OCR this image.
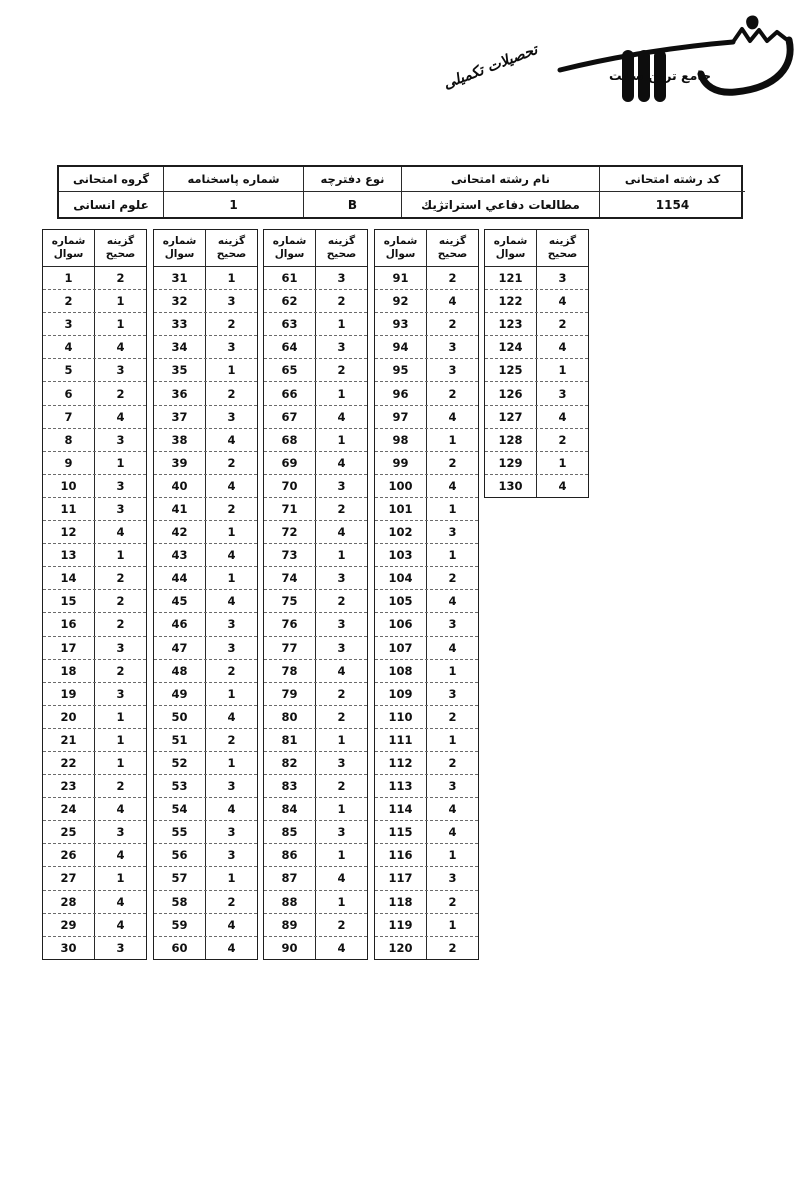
جامع ترین سایت
تحصیلات تکمیلی
گروه امتحانی	شماره پاسخنامه	نوع دفترچه	نام رشته امتحانی	کد رشته امتحانی
علوم انسانی	1	B	مطالعات دفاعي استراتژيك	1154
شماره
سوال
گزینه
صحیح
1	2
2	1
3	1
4	4
5	3
6	2
7	4
8	3
9	1
10	3
11	3
12	4
13	1
14	2
15	2
16	2
17	3
18	2
19	3
20	1
21	1
22	1
23	2
24	4
25	3
26	4
27	1
28	4
29	4
30	3
شماره
سوال
گزینه
صحیح
31	1
32	3
33	2
34	3
35	1
36	2
37	3
38	4
39	2
40	4
41	2
42	1
43	4
44	1
45	4
46	3
47	3
48	2
49	1
50	4
51	2
52	1
53	3
54	4
55	3
56	3
57	1
58	2
59	4
60	4
شماره
سوال
گزینه
صحیح
61	3
62	2
63	1
64	3
65	2
66	1
67	4
68	1
69	4
70	3
71	2
72	4
73	1
74	3
75	2
76	3
77	3
78	4
79	2
80	2
81	1
82	3
83	2
84	1
85	3
86	1
87	4
88	1
89	2
90	4
شماره
سوال
گزینه
صحیح
91	2
92	4
93	2
94	3
95	3
96	2
97	4
98	1
99	2
100	4
101	1
102	3
103	1
104	2
105	4
106	3
107	4
108	1
109	3
110	2
111	1
112	2
113	3
114	4
115	4
116	1
117	3
118	2
119	1
120	2
شماره
سوال
گزینه
صحیح
121	3
122	4
123	2
124	4
125	1
126	3
127	4
128	2
129	1
130	4
